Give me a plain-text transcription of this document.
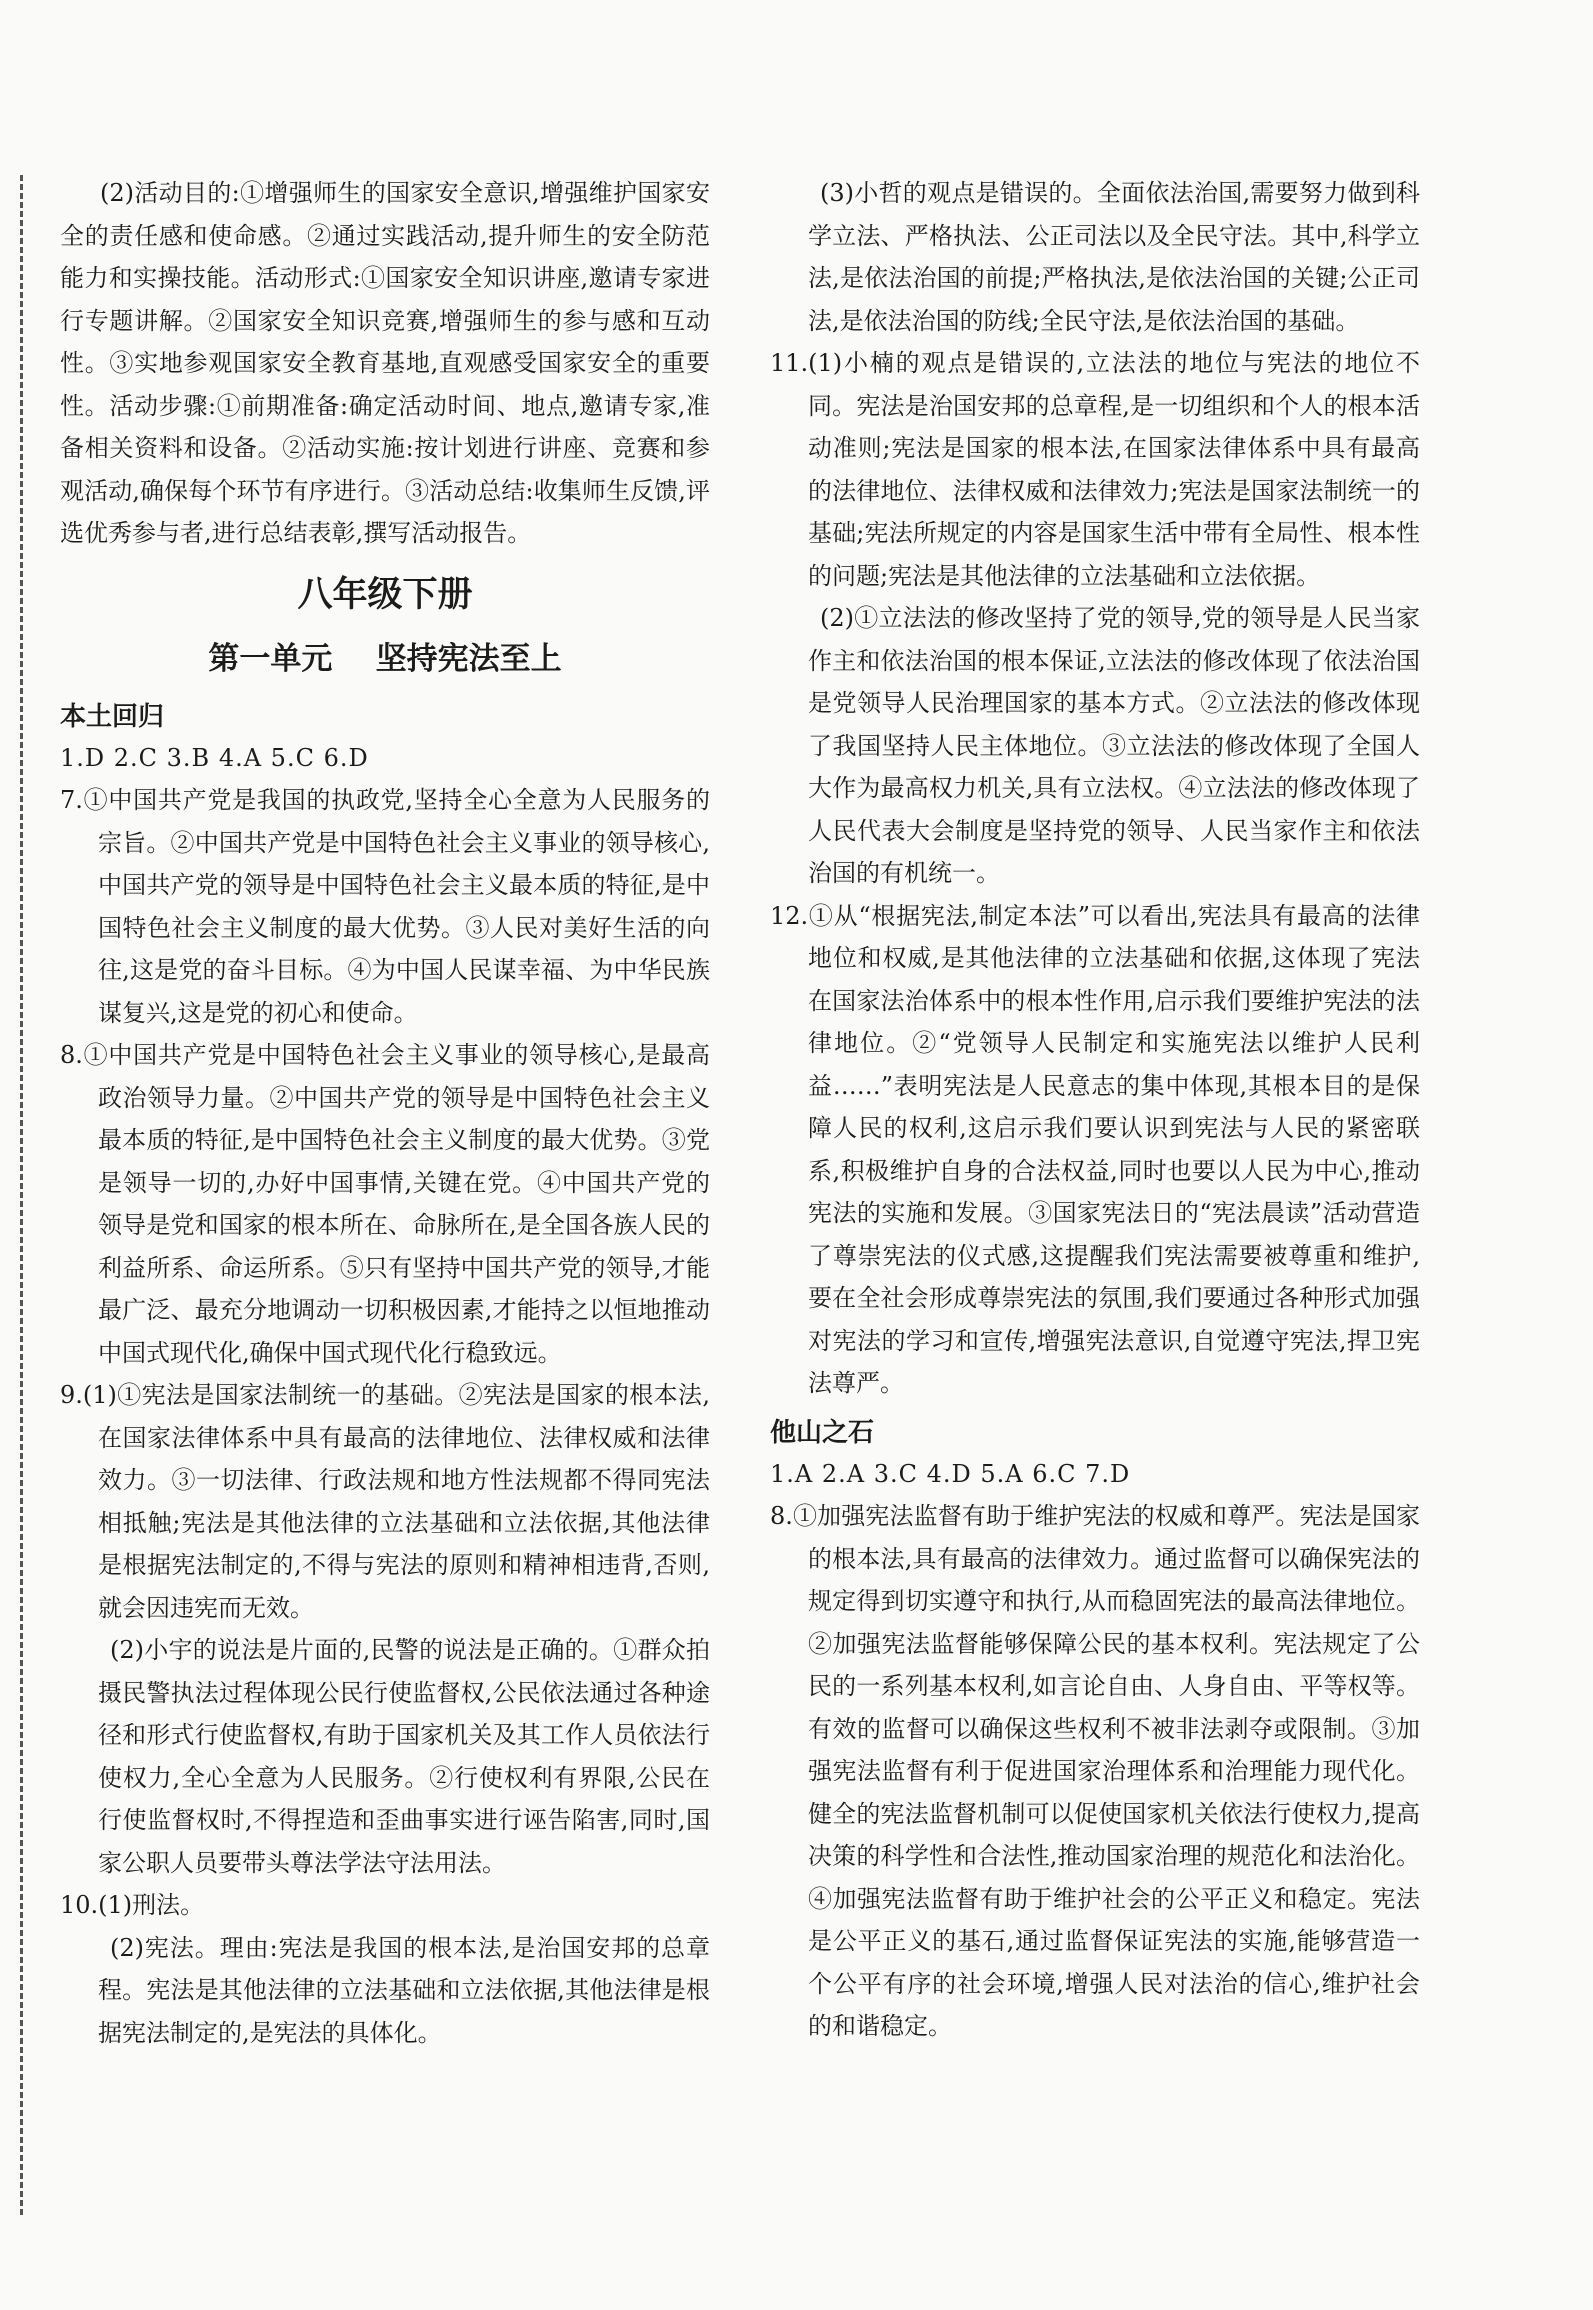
(2)活动目的:①增强师生的国家安全意识,增强维护国家安全的责任感和使命感。②通过实践活动,提升师生的安全防范能力和实操技能。活动形式:①国家安全知识讲座,邀请专家进行专题讲解。②国家安全知识竞赛,增强师生的参与感和互动性。③实地参观国家安全教育基地,直观感受国家安全的重要性。活动步骤:①前期准备:确定活动时间、地点,邀请专家,准备相关资料和设备。②活动实施:按计划进行讲座、竞赛和参观活动,确保每个环节有序进行。③活动总结:收集师生反馈,评选优秀参与者,进行总结表彰,撰写活动报告。

八年级下册
第一单元    坚持宪法至上
本土回归

1.D 2.C 3.B 4.A 5.C 6.D

7.①中国共产党是我国的执政党,坚持全心全意为人民服务的宗旨。②中国共产党是中国特色社会主义事业的领导核心,中国共产党的领导是中国特色社会主义最本质的特征,是中国特色社会主义制度的最大优势。③人民对美好生活的向往,这是党的奋斗目标。④为中国人民谋幸福、为中华民族谋复兴,这是党的初心和使命。

8.①中国共产党是中国特色社会主义事业的领导核心,是最高政治领导力量。②中国共产党的领导是中国特色社会主义最本质的特征,是中国特色社会主义制度的最大优势。③党是领导一切的,办好中国事情,关键在党。④中国共产党的领导是党和国家的根本所在、命脉所在,是全国各族人民的利益所系、命运所系。⑤只有坚持中国共产党的领导,才能最广泛、最充分地调动一切积极因素,才能持之以恒地推动中国式现代化,确保中国式现代化行稳致远。

9.(1)①宪法是国家法制统一的基础。②宪法是国家的根本法,在国家法律体系中具有最高的法律地位、法律权威和法律效力。③一切法律、行政法规和地方性法规都不得同宪法相抵触;宪法是其他法律的立法基础和立法依据,其他法律是根据宪法制定的,不得与宪法的原则和精神相违背,否则,就会因违宪而无效。

(2)小宇的说法是片面的,民警的说法是正确的。①群众拍摄民警执法过程体现公民行使监督权,公民依法通过各种途径和形式行使监督权,有助于国家机关及其工作人员依法行使权力,全心全意为人民服务。②行使权利有界限,公民在行使监督权时,不得捏造和歪曲事实进行诬告陷害,同时,国家公职人员要带头尊法学法守法用法。

10.(1)刑法。

(2)宪法。理由:宪法是我国的根本法,是治国安邦的总章程。宪法是其他法律的立法基础和立法依据,其他法律是根据宪法制定的,是宪法的具体化。

(3)小哲的观点是错误的。全面依法治国,需要努力做到科学立法、严格执法、公正司法以及全民守法。其中,科学立法,是依法治国的前提;严格执法,是依法治国的关键;公正司法,是依法治国的防线;全民守法,是依法治国的基础。

11.(1)小楠的观点是错误的,立法法的地位与宪法的地位不同。宪法是治国安邦的总章程,是一切组织和个人的根本活动准则;宪法是国家的根本法,在国家法律体系中具有最高的法律地位、法律权威和法律效力;宪法是国家法制统一的基础;宪法所规定的内容是国家生活中带有全局性、根本性的问题;宪法是其他法律的立法基础和立法依据。

(2)①立法法的修改坚持了党的领导,党的领导是人民当家作主和依法治国的根本保证,立法法的修改体现了依法治国是党领导人民治理国家的基本方式。②立法法的修改体现了我国坚持人民主体地位。③立法法的修改体现了全国人大作为最高权力机关,具有立法权。④立法法的修改体现了人民代表大会制度是坚持党的领导、人民当家作主和依法治国的有机统一。

12.①从“根据宪法,制定本法”可以看出,宪法具有最高的法律地位和权威,是其他法律的立法基础和依据,这体现了宪法在国家法治体系中的根本性作用,启示我们要维护宪法的法律地位。②“党领导人民制定和实施宪法以维护人民利益……”表明宪法是人民意志的集中体现,其根本目的是保障人民的权利,这启示我们要认识到宪法与人民的紧密联系,积极维护自身的合法权益,同时也要以人民为中心,推动宪法的实施和发展。③国家宪法日的“宪法晨读”活动营造了尊崇宪法的仪式感,这提醒我们宪法需要被尊重和维护,要在全社会形成尊崇宪法的氛围,我们要通过各种形式加强对宪法的学习和宣传,增强宪法意识,自觉遵守宪法,捍卫宪法尊严。

他山之石

1.A 2.A 3.C 4.D 5.A 6.C 7.D

8.①加强宪法监督有助于维护宪法的权威和尊严。宪法是国家的根本法,具有最高的法律效力。通过监督可以确保宪法的规定得到切实遵守和执行,从而稳固宪法的最高法律地位。②加强宪法监督能够保障公民的基本权利。宪法规定了公民的一系列基本权利,如言论自由、人身自由、平等权等。有效的监督可以确保这些权利不被非法剥夺或限制。③加强宪法监督有利于促进国家治理体系和治理能力现代化。健全的宪法监督机制可以促使国家机关依法行使权力,提高决策的科学性和合法性,推动国家治理的规范化和法治化。④加强宪法监督有助于维护社会的公平正义和稳定。宪法是公平正义的基石,通过监督保证宪法的实施,能够营造一个公平有序的社会环境,增强人民对法治的信心,维护社会的和谐稳定。
